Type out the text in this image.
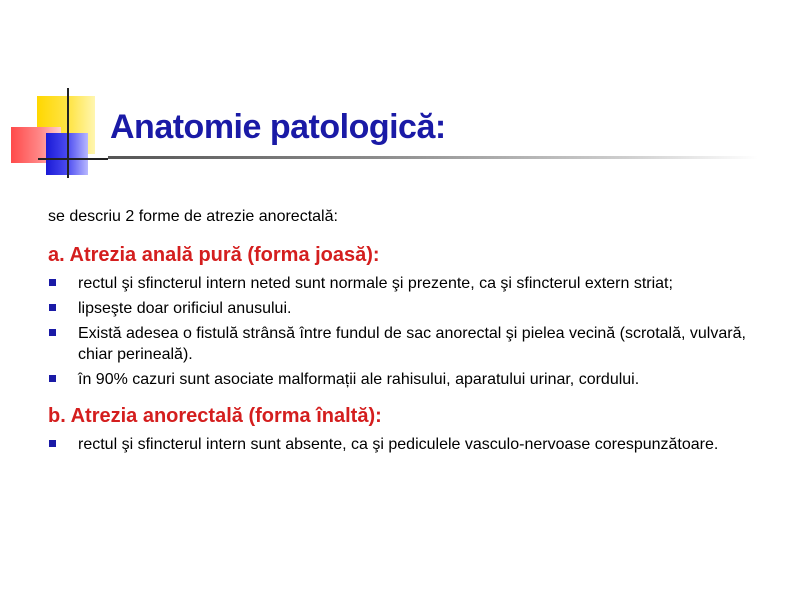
Anatomie patologică:

se descriu 2 forme de atrezie anorectală:

a. Atrezia anală pură (forma joasă):
rectul şi sfincterul intern neted sunt normale şi prezente, ca şi sfincterul extern striat;
lipseşte doar orificiul anusului.
Există adesea o fistulă strânsă între fundul de sac anorectal şi pielea vecină (scrotală, vulvară, chiar perineală).
în 90% cazuri sunt asociate malformații ale rahisului, aparatului urinar, cordului.
b. Atrezia anorectală (forma înaltă):
rectul şi sfincterul intern sunt absente, ca şi pediculele vasculo-nervoase corespunzătoare.
